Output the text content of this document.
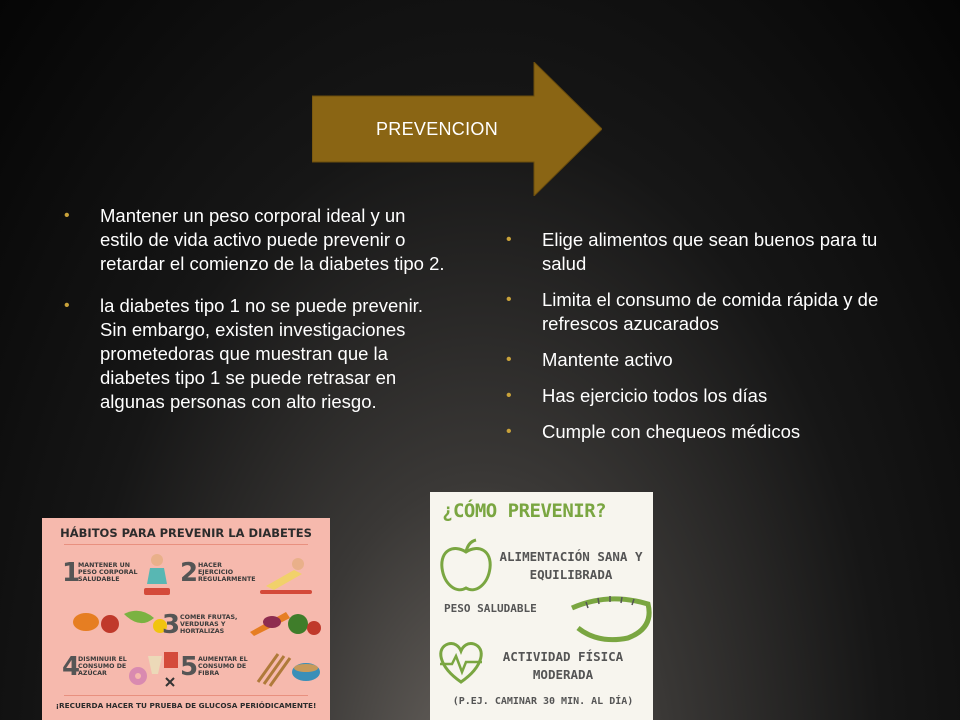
PREVENCION
• Mantener un peso corporal ideal y un estilo de vida activo puede prevenir o retardar el comienzo de la diabetes tipo 2.
• la diabetes tipo 1 no se puede prevenir. Sin embargo, existen investigaciones prometedoras que muestran que la diabetes tipo 1 se puede retrasar en algunas personas con alto riesgo.
• Elige alimentos que sean buenos para tu salud
• Limita el consumo de comida rápida y de refrescos azucarados
• Mantente activo
• Has ejercicio todos los días
• Cumple con chequeos médicos
HÁBITOS PARA PREVENIR LA DIABETES
1
MANTENER UN PESO CORPORAL SALUDABLE	2 HACER EJERCICIO REGULARMENTE
3 COMER FRUTAS, VERDURAS Y HORTALIZAS
4
DISMINUIR EL CONSUMO DE AZÚCAR	5 AUMENTAR EL CONSUMO DE FIBRA
¡RECUERDA HACER TU PRUEBA DE GLUCOSA PERIÓDICAMENTE!
¿CÓMO PREVENIR?
ALIMENTACIÓN SANA Y EQUILIBRADA
PESO SALUDABLE
ACTIVIDAD FÍSICA MODERADA
(P.EJ. CAMINAR 30 MIN. AL DÍA)
